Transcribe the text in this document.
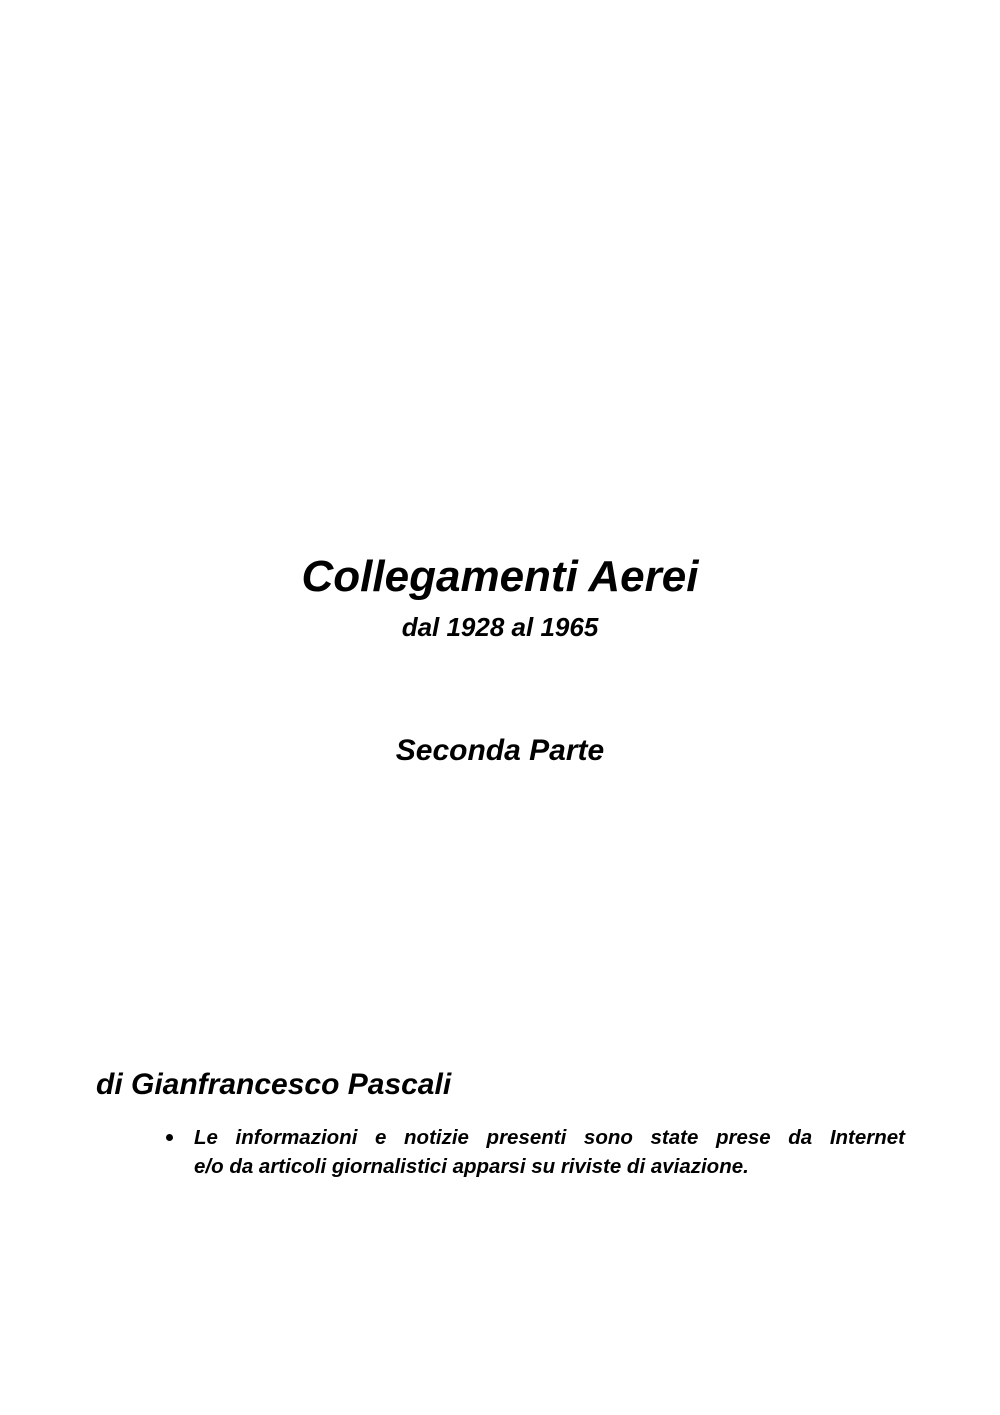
Collegamenti Aerei
dal 1928 al 1965
Seconda Parte
di Gianfrancesco Pascali
Le informazioni e notizie presenti sono state prese da Internet
e/o da articoli giornalistici apparsi su riviste di aviazione.
